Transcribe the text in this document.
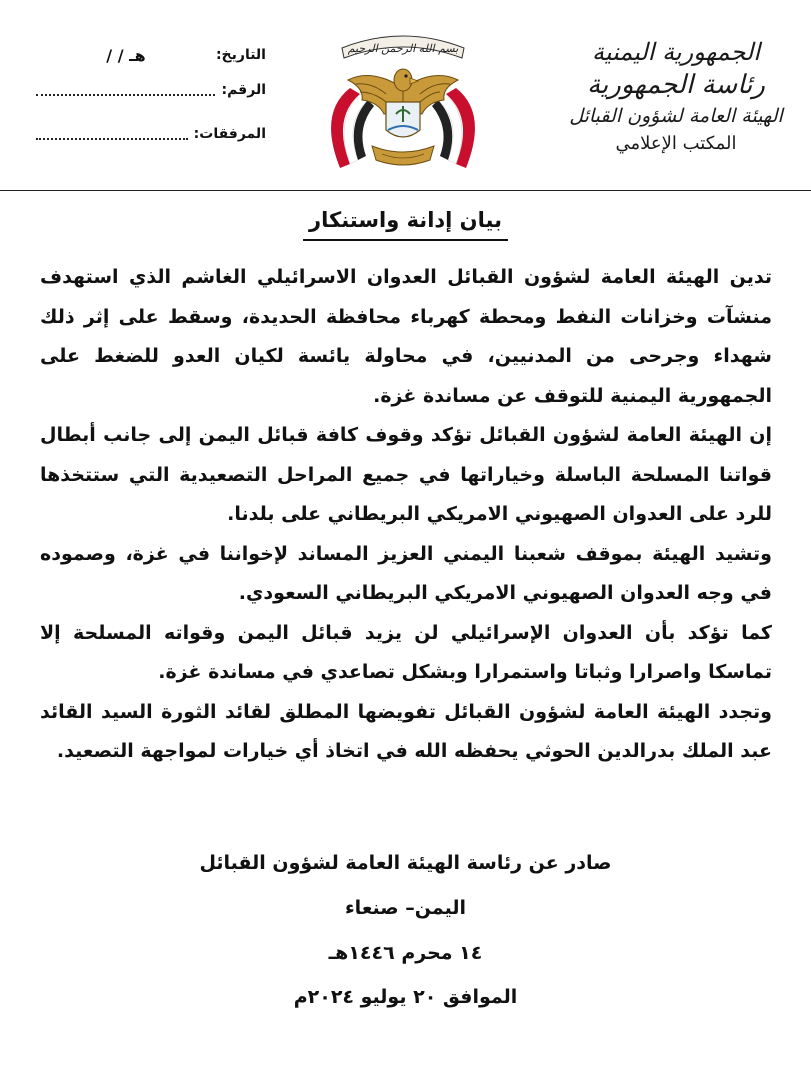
الجمهورية اليمنية
رئاسة الجمهورية
الهيئة العامة لشؤون القبائل
المكتب الإعلامي
بسم الله الرحمن الرحيم
التاريخ:
/ / هـ
الرقم:
المرفقات:
بيان إدانة واستنكار

تدين الهيئة العامة لشؤون القبائل العدوان الاسرائيلي الغاشم الذي استهدف منشآت وخزانات النفط ومحطة كهرباء محافظة الحديدة، وسقط على إثر ذلك شهداء وجرحى من المدنيين، في محاولة يائسة لكيان العدو للضغط على الجمهورية اليمنية للتوقف عن مساندة غزة.

إن الهيئة العامة لشؤون القبائل تؤكد وقوف كافة قبائل اليمن إلى جانب أبطال قواتنا المسلحة الباسلة وخياراتها في جميع المراحل التصعيدية التي ستتخذها للرد على العدوان الصهيوني الامريكي البريطاني على بلدنا.

وتشيد الهيئة بموقف شعبنا اليمني العزيز المساند لإخواننا في غزة، وصموده في وجه العدوان الصهيوني الامريكي البريطاني السعودي.

كما تؤكد بأن العدوان الإسرائيلي لن يزيد قبائل اليمن وقواته المسلحة إلا تماسكا واصرارا وثباتا واستمرارا وبشكل تصاعدي في مساندة غزة.

وتجدد الهيئة العامة لشؤون القبائل تفويضها المطلق لقائد الثورة السيد القائد عبد الملك بدرالدين الحوثي يحفظه الله في اتخاذ أي خيارات لمواجهة التصعيد.

صادر عن رئاسة الهيئة العامة لشؤون القبائل
اليمن– صنعاء
١٤ محرم ١٤٤٦هـ
الموافق ٢٠ يوليو ٢٠٢٤م
